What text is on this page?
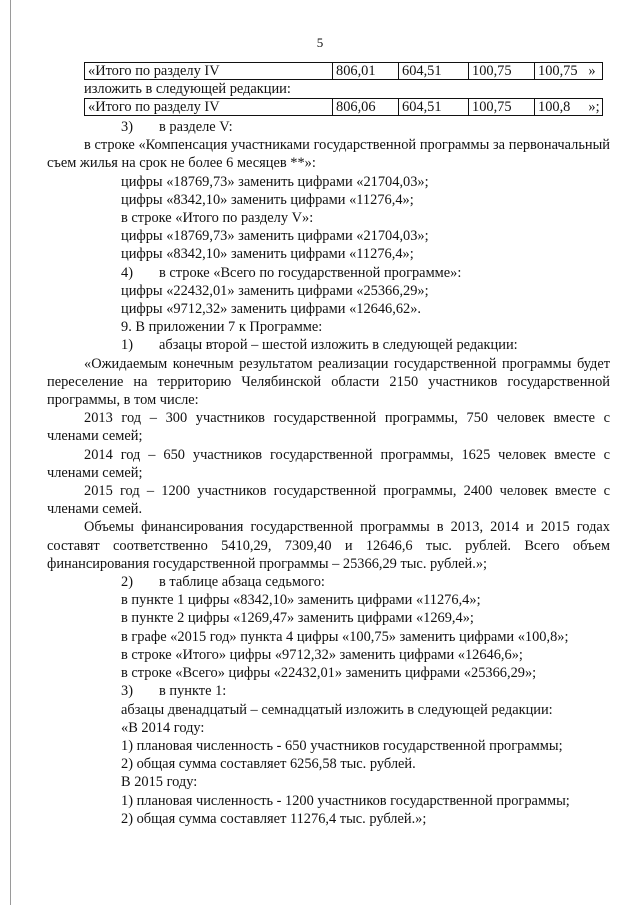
5
«Итого по разделу IV	806,01	604,51	100,75	100,75   »
изложить в следующей редакции:
«Итого по разделу IV	806,06	604,51	100,75	100,8     »;

3) в разделе V:

в строке «Компенсация участниками государственной программы за первоначальный съем жилья на срок не более 6 месяцев **»:

цифры «18769,73» заменить цифрами «21704,03»;

цифры «8342,10» заменить цифрами «11276,4»;

в строке «Итого по разделу V»:

цифры «18769,73» заменить цифрами «21704,03»;

цифры «8342,10» заменить цифрами «11276,4»;

4) в строке «Всего по государственной программе»:

цифры «22432,01» заменить цифрами «25366,29»;

цифры «9712,32» заменить цифрами «12646,62».

9. В приложении 7 к Программе:

1) абзацы второй – шестой изложить в следующей редакции:

«Ожидаемым конечным результатом реализации государственной программы будет переселение на территорию Челябинской области 2150 участников государственной программы, в том числе:

2013 год – 300 участников государственной программы, 750 человек вместе с членами семей;

2014 год – 650 участников государственной программы, 1625 человек вместе с членами семей;

2015 год – 1200 участников государственной программы, 2400 человек вместе с членами семей.

Объемы финансирования государственной программы в 2013, 2014 и 2015 годах составят соответственно 5410,29, 7309,40 и 12646,6 тыс. рублей. Всего объем финансирования государственной программы – 25366,29 тыс. рублей.»;

2) в таблице абзаца седьмого:

в пункте 1 цифры «8342,10» заменить цифрами «11276,4»;

в пункте 2 цифры «1269,47» заменить цифрами «1269,4»;

в графе «2015 год» пункта 4 цифры «100,75» заменить цифрами «100,8»;

в строке «Итого» цифры «9712,32» заменить цифрами «12646,6»;

в строке «Всего» цифры «22432,01» заменить цифрами «25366,29»;

3) в пункте 1:

абзацы двенадцатый – семнадцатый изложить в следующей редакции:

«В 2014 году:

1) плановая численность - 650 участников государственной программы;

2) общая сумма составляет 6256,58 тыс. рублей.

В 2015 году:

1) плановая численность - 1200 участников государственной программы;

2) общая сумма составляет 11276,4 тыс. рублей.»;
